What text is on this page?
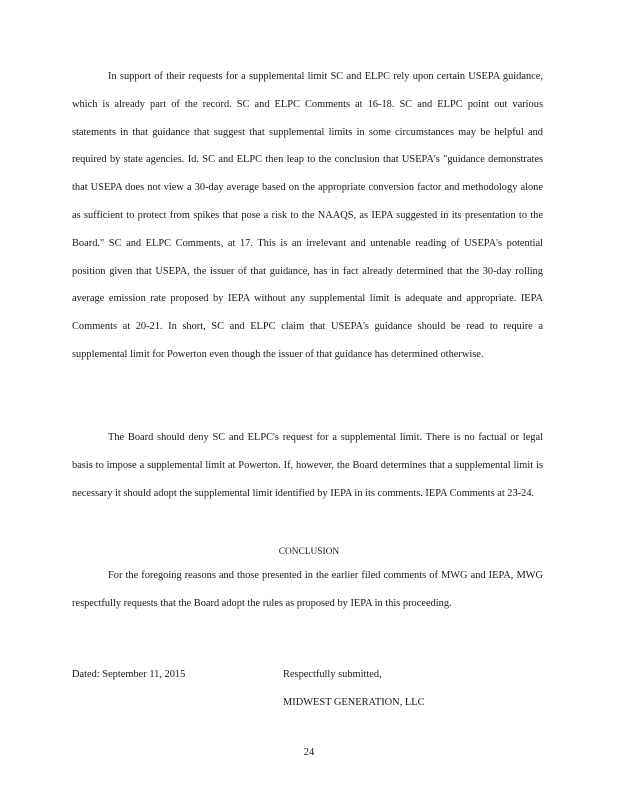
In support of their requests for a supplemental limit SC and ELPC rely upon certain USEPA guidance, which is already part of the record. SC and ELPC Comments at 16-18. SC and ELPC point out various statements in that guidance that suggest that supplemental limits in some circumstances may be helpful and required by state agencies. Id. SC and ELPC then leap to the conclusion that USEPA's "guidance demonstrates that USEPA does not view a 30-day average based on the appropriate conversion factor and methodology alone as sufficient to protect from spikes that pose a risk to the NAAQS, as IEPA suggested in its presentation to the Board." SC and ELPC Comments, at 17. This is an irrelevant and untenable reading of USEPA's potential position given that USEPA, the issuer of that guidance, has in fact already determined that the 30-day rolling average emission rate proposed by IEPA without any supplemental limit is adequate and appropriate. IEPA Comments at 20-21. In short, SC and ELPC claim that USEPA's guidance should be read to require a supplemental limit for Powerton even though the issuer of that guidance has determined otherwise.

The Board should deny SC and ELPC's request for a supplemental limit. There is no factual or legal basis to impose a supplemental limit at Powerton. If, however, the Board determines that a supplemental limit is necessary it should adopt the supplemental limit identified by IEPA in its comments. IEPA Comments at 23-24.

CONCLUSION

For the foregoing reasons and those presented in the earlier filed comments of MWG and IEPA, MWG respectfully requests that the Board adopt the rules as proposed by IEPA in this proceeding.

Dated: September 11, 2015	Respectfully submitted,
MIDWEST GENERATION, LLC
24
